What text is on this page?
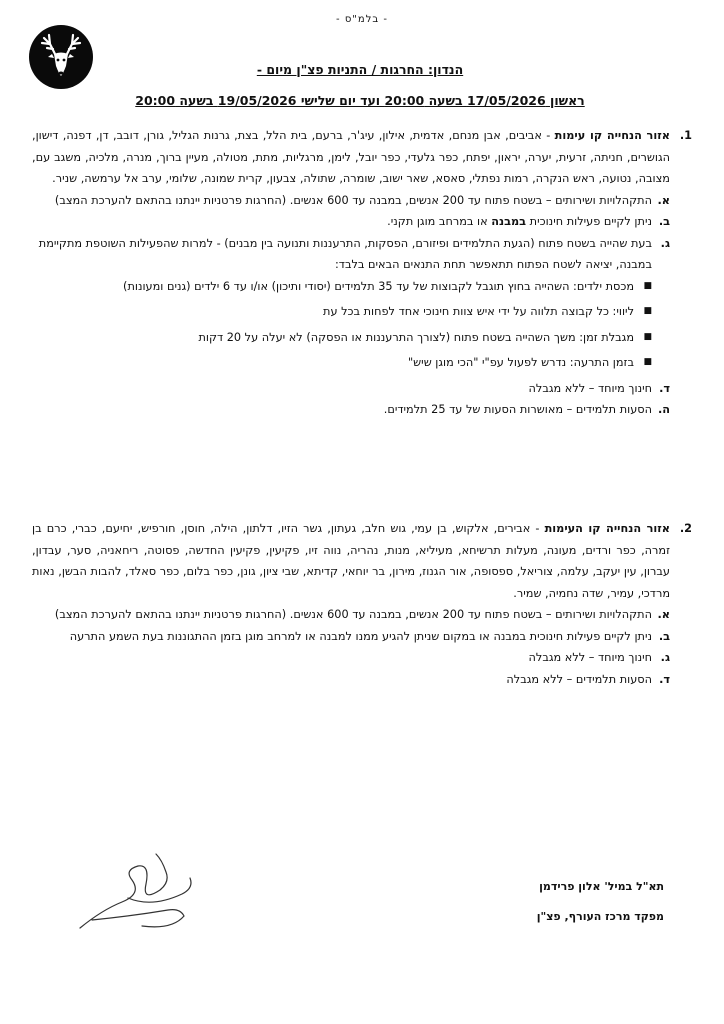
- בלמ"ס -
הנדון: החרגות / התניות פצ"ן מיום -
ראשון 17/05/2026 בשעה 20:00 ועד יום שלישי 19/05/2026 בשעה 20:00
1.
אזור הנחייה קו עימות - אביבים, אבן מנחם, אדמית, אילון, עיג'ר, ברעם, בית הלל, בצת, גרנות הגליל, גורן, דובב, דן, דפנה, דישון, הגושרים, חניתה, זרעית, יערה, יראון, יפתח, כפר גלעדי, כפר יובל, לימן, מרגליות, מתת, מטולה, מעיין ברוך, מנרה, מלכיה, משגב עם, מצובה, נטועה, ראש הנקרה, רמות נפתלי, סאסא, שאר ישוב, שומרה, שתולה, צבעון, קרית שמונה, שלומי, ערב אל ערמשה, שניר.
א.
התקהלויות ושירותים – בשטח פתוח עד 200 אנשים, במבנה עד 600 אנשים. (החרגות פרטניות יינתנו בהתאם להערכת המצב)
ב.
ניתן לקיים פעילות חינוכית במבנה או במרחב מוגן תקני.
ג.
בעת שהייה בשטח פתוח (הגעת התלמידים ופיזורם, הפסקות, התרעננות ותנועה בין מבנים) - למרות שהפעילות השוטפת מתקיימת במבנה, יציאה לשטח הפתוח תתאפשר תחת התנאים הבאים בלבד:
■
מכסת ילדים: השהייה בחוץ תוגבל לקבוצות של עד 35 תלמידים (יסודי ותיכון) או/ו עד 6 ילדים (גנים ומעונות)
■
ליווי: כל קבוצה תלווה על ידי איש צוות חינוכי אחד לפחות בכל עת
■
מגבלת זמן: משך השהייה בשטח פתוח (לצורך התרעננות או הפסקה) לא יעלה על 20 דקות
■
בזמן התרעה: נדרש לפעול עפ"י "הכי מוגן שיש"
ד.
חינוך מיוחד – ללא מגבלה
ה.
הסעות תלמידים – מאושרות הסעות של עד 25 תלמידים.
2.
אזור הנחייה קו העימות - אבירים, אלקוש, בן עמי, גוש חלב, געתון, גשר הזיו, דלתון, הילה, חוסן, חורפיש, יחיעם, כברי, כרם בן זמרה, כפר ורדים, מעונה, מעלות תרשיחא, מעיליא, מנות, נהריה, נווה זיו, פקיעין, פקיעין החדשה, פסוטה, ריחאניה, סער, עבדון, עברון, עין יעקב, עלמה, צוריאל, ספסופה, אור הגנוז, מירון, בר יוחאי, קדיתא, שבי ציון, גונן, כפר בלום, כפר סאלד, להבות הבשן, נאות מרדכי, עמיר, שדה נחמיה, שמיר.
א.
התקהלויות ושירותים – בשטח פתוח עד 200 אנשים, במבנה עד 600 אנשים. (החרגות פרטניות יינתנו בהתאם להערכת המצב)
ב.
ניתן לקיים פעילות חינוכית במבנה או במקום שניתן להגיע ממנו למבנה או למרחב מוגן בזמן ההתגוננות בעת השמע התרעה
ג.
חינוך מיוחד – ללא מגבלה
ד.
הסעות תלמידים – ללא מגבלה
תא"ל במיל' אלון פרידמן
מפקד מרכז העורף, פצ"ן
